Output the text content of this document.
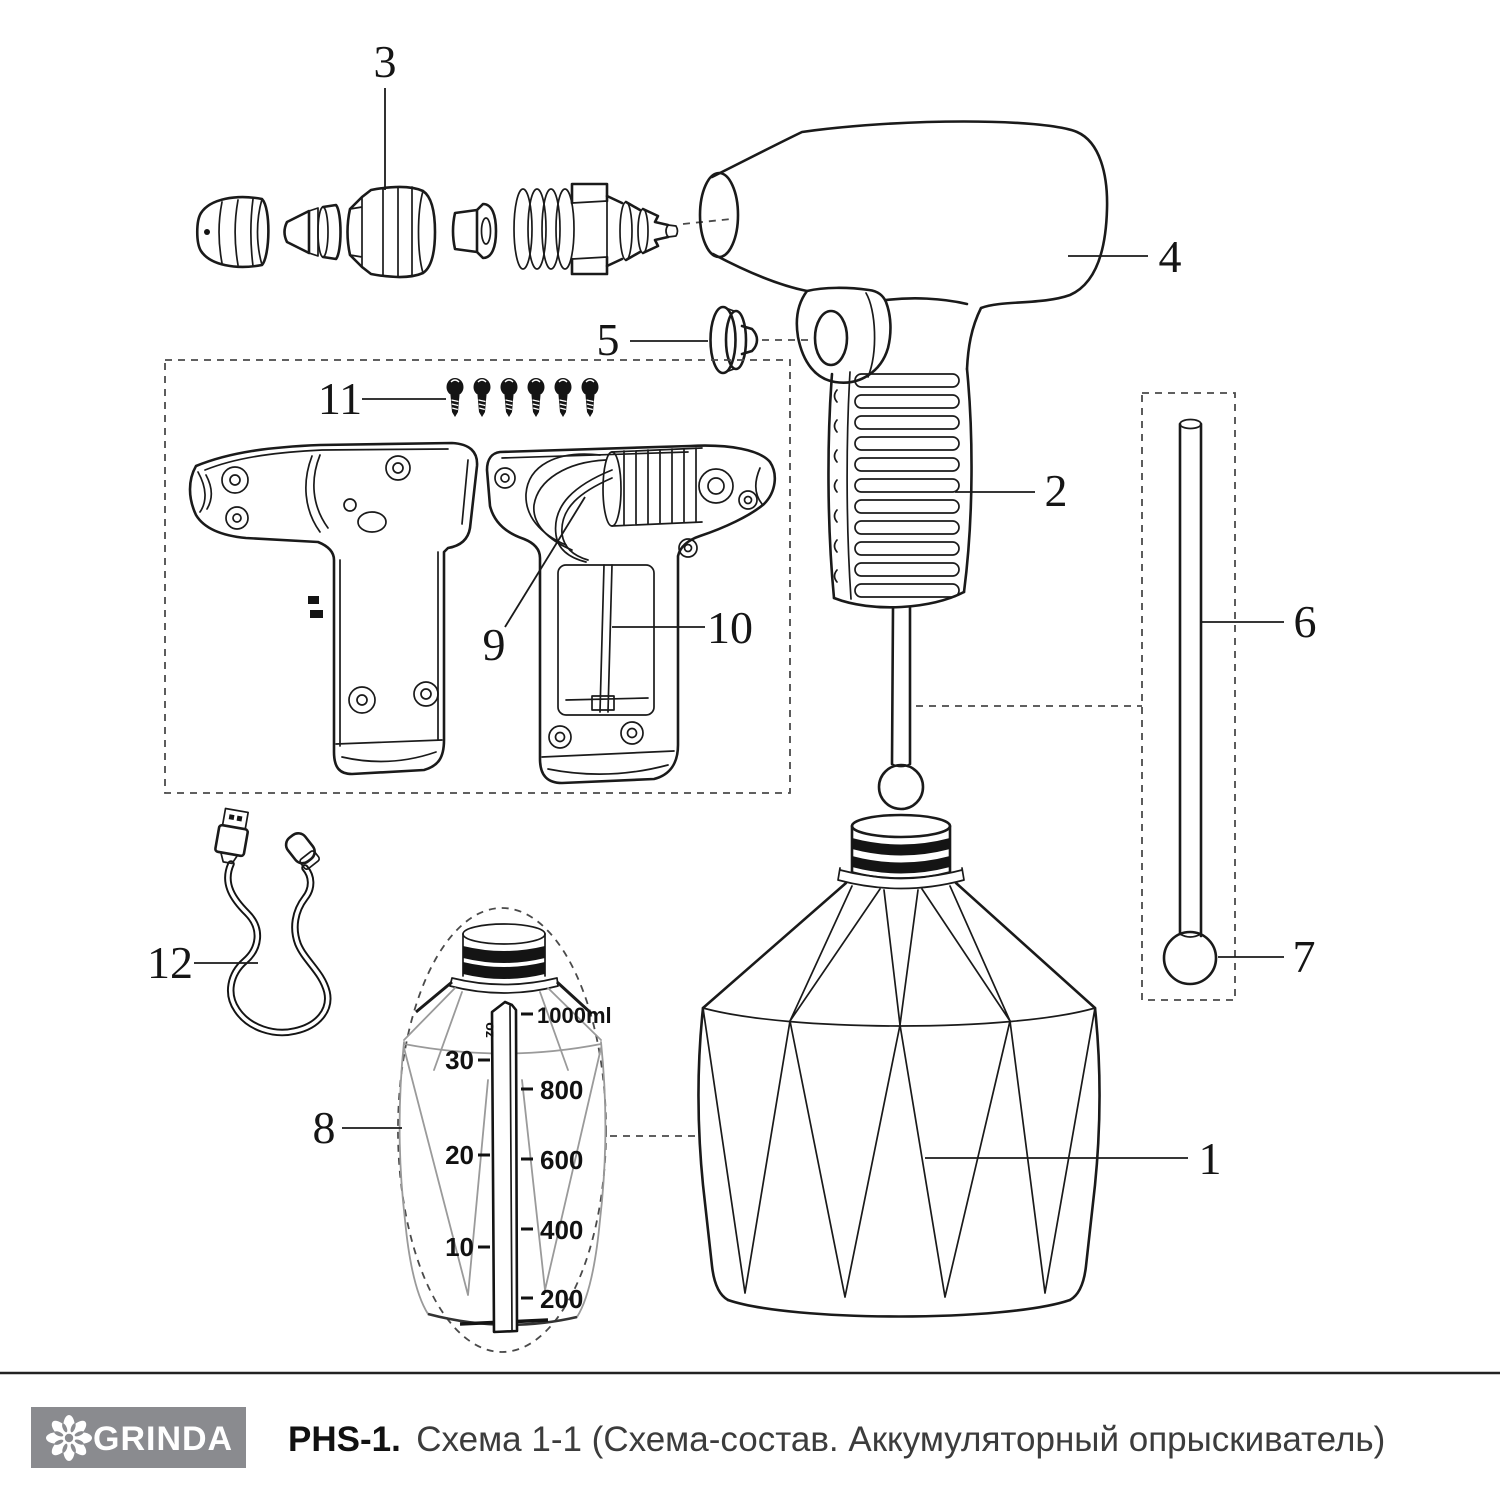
1000ml
800
600
400
200
oz
30
20
10
1
2
3
4
5
6
7
8
9	10
11
12
GRINDA PHS-1. Схема 1-1 (Схема-состав. Аккумуляторный опрыскиватель)
